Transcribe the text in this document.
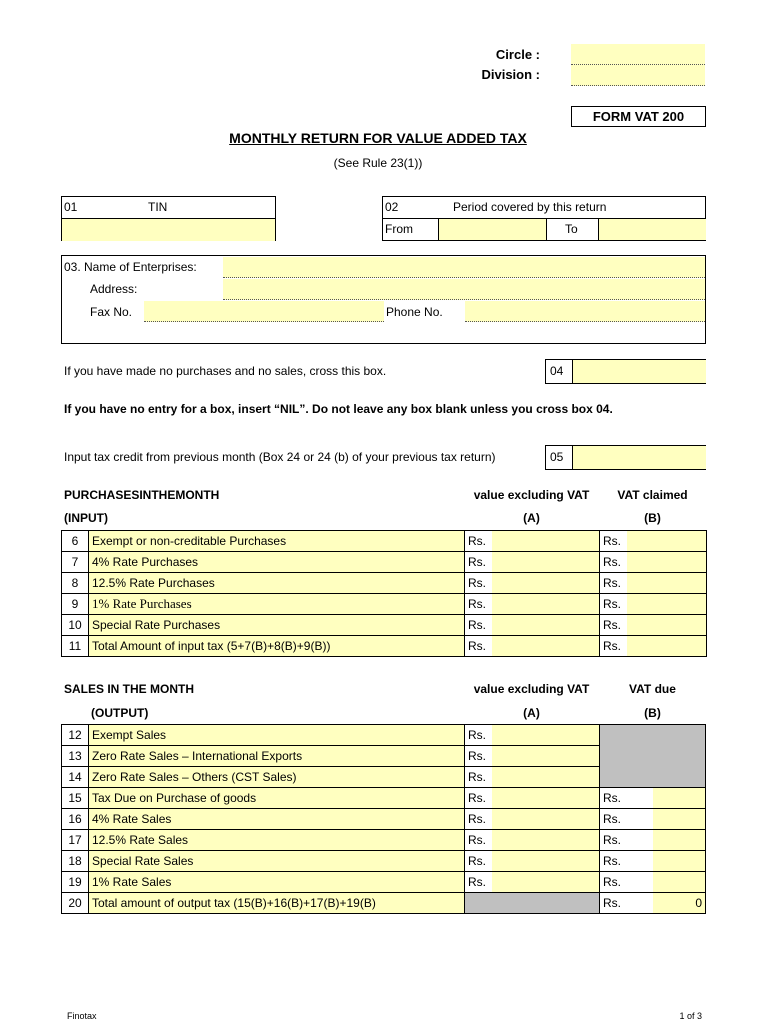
Circle :
Division :
FORM VAT 200
MONTHLY RETURN FOR VALUE ADDED TAX
(See Rule 23(1))
01	TIN	02	Period covered by this return
From	To
03. Name of Enterprises:
Address:
Fax No.	Phone No.
If you have made no purchases and no sales, cross this box.	04
If you have no entry for a box, insert “NIL”. Do not leave any box blank unless you cross box 04.
Input tax credit from previous month (Box 24 or 24 (b) of your previous tax return)	05
PURCHASESINTHEMONTH
(INPUT)
value excluding VAT
(A)
VAT claimed
(B)
6	Exempt or non-creditable Purchases	Rs.		Rs.	
7	4% Rate Purchases	Rs.		Rs.	
8	12.5% Rate Purchases	Rs.		Rs.	
9	1% Rate Purchases	Rs.		Rs.	
10	Special Rate Purchases	Rs.		Rs.	
11	Total Amount of input tax (5+7(B)+8(B)+9(B))	Rs.		Rs.	
SALES IN THE MONTH
(OUTPUT)
value excluding VAT
(A)
VAT due
(B)
12	Exempt Sales	Rs.			
13	Zero Rate Sales – International Exports	Rs.			
14	Zero Rate Sales – Others (CST Sales)	Rs.			
15	Tax Due on Purchase of goods	Rs.		Rs.	
16	4% Rate Sales	Rs.		Rs.	
17	12.5% Rate Sales	Rs.		Rs.	
18	Special Rate Sales	Rs.		Rs.	
19	1% Rate Sales	Rs.		Rs.	
20	Total amount of output tax (15(B)+16(B)+17(B)+19(B)			Rs.	0
Finotax	1 of 3
